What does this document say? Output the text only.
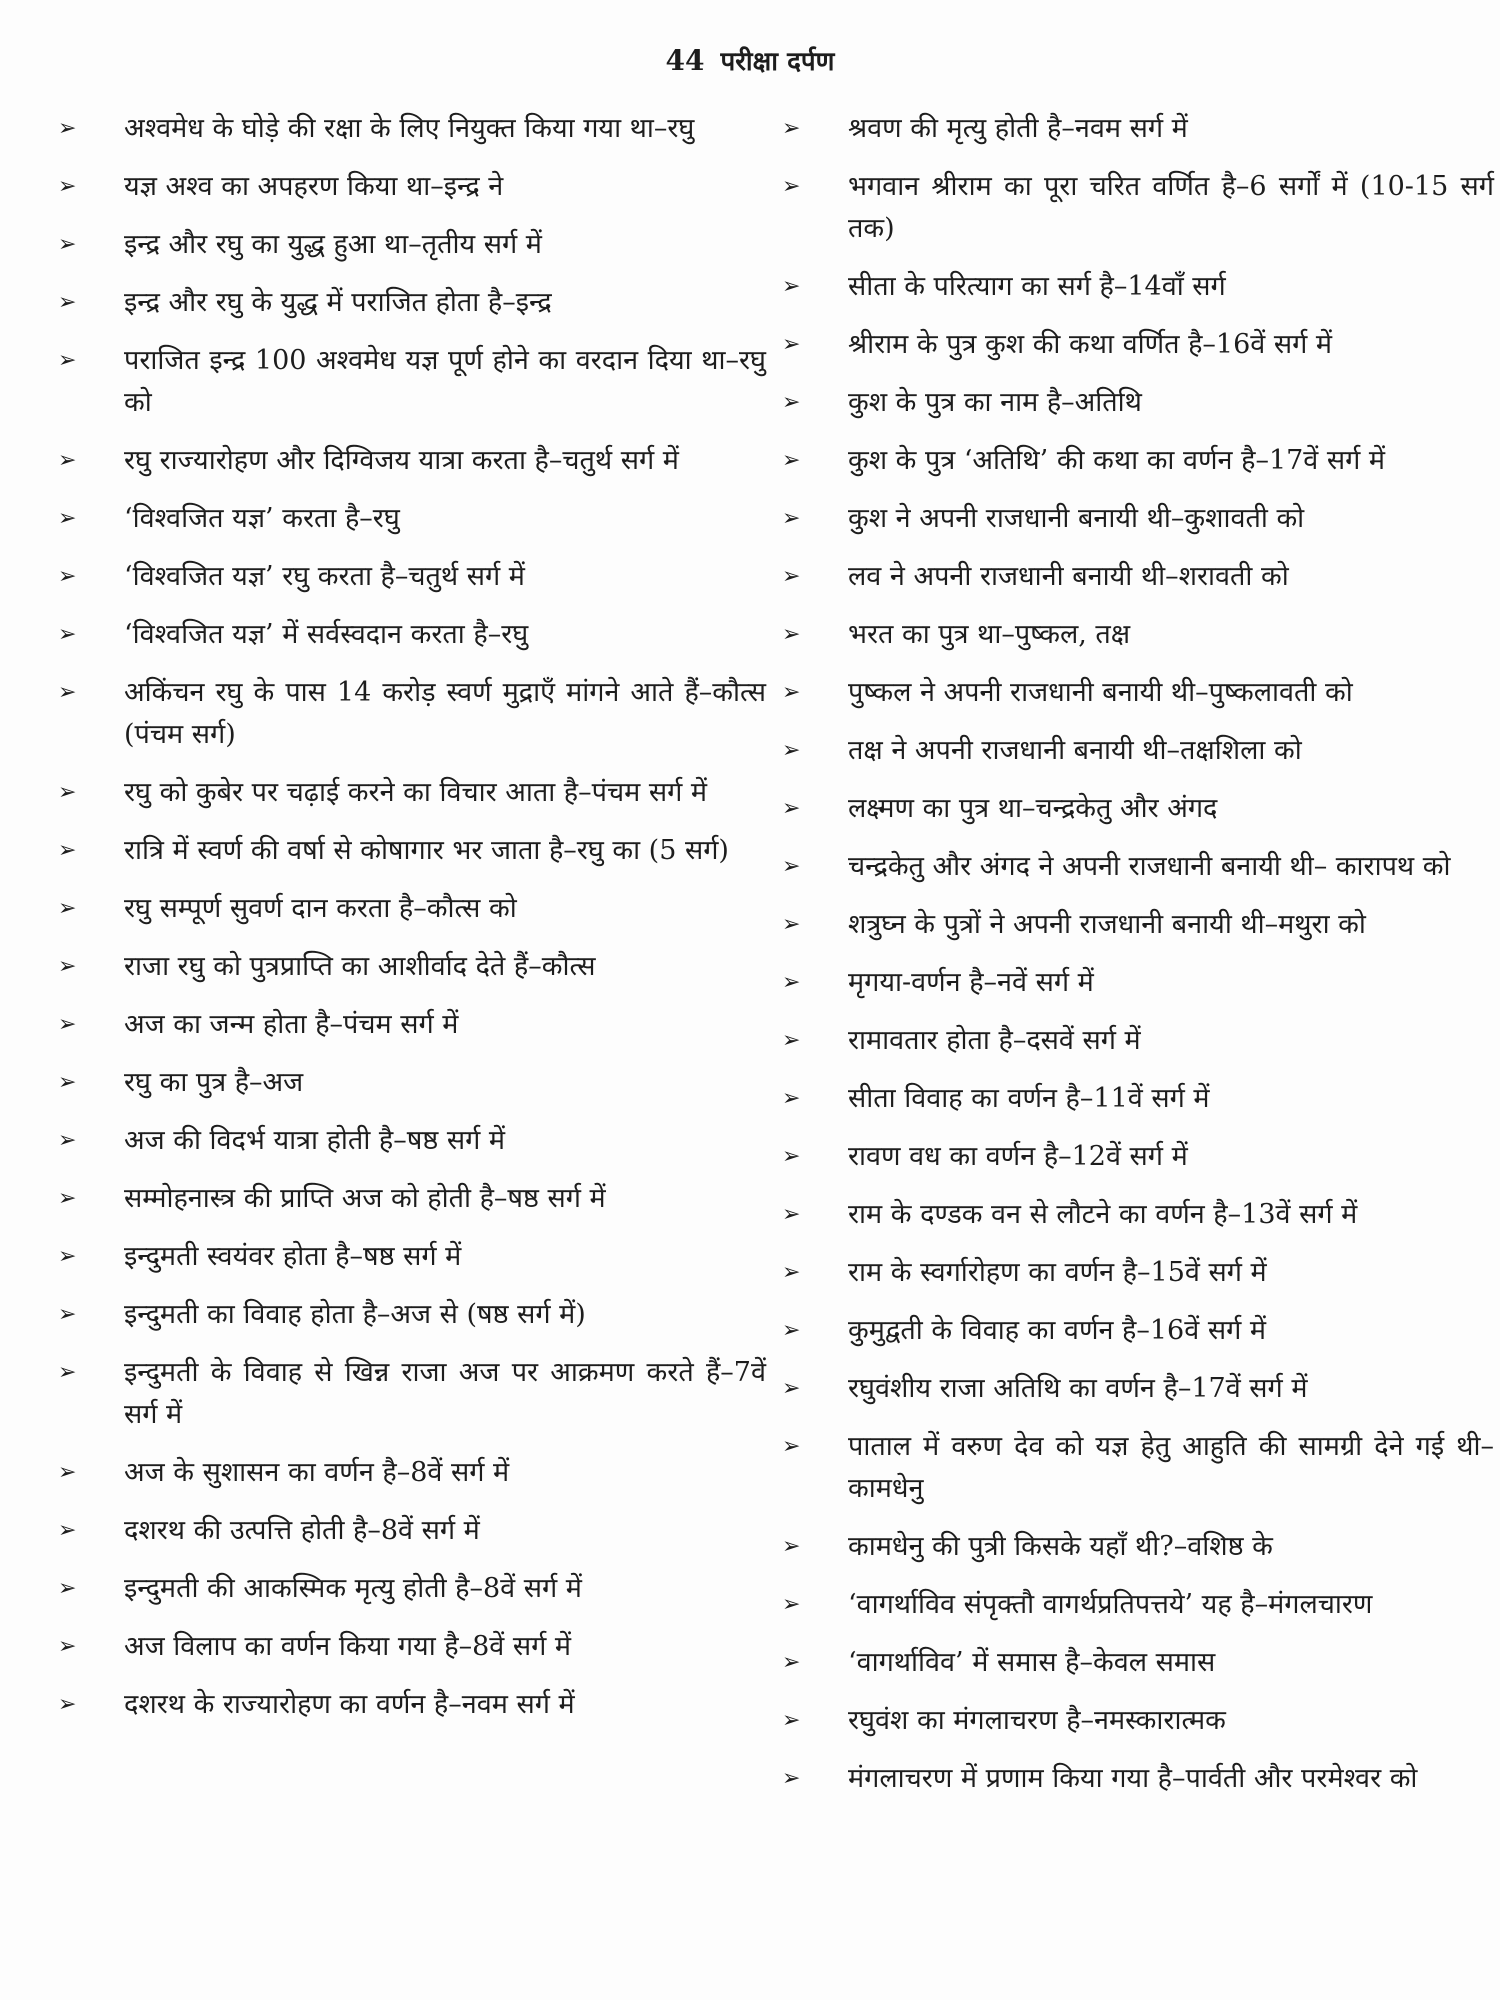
44 परीक्षा दर्पण
➢ अश्वमेध के घोड़े की रक्षा के लिए नियुक्त किया गया था–रघु
➢ यज्ञ अश्व का अपहरण किया था–इन्द्र ने
➢ इन्द्र और रघु का युद्ध हुआ था–तृतीय सर्ग में
➢ इन्द्र और रघु के युद्ध में पराजित होता है–इन्द्र
➢ पराजित इन्द्र 100 अश्वमेध यज्ञ पूर्ण होने का वरदान दिया था–रघु को
➢ रघु राज्यारोहण और दिग्विजय यात्रा करता है–चतुर्थ सर्ग में
➢ ‘विश्वजित यज्ञ’ करता है–रघु
➢ ‘विश्वजित यज्ञ’ रघु करता है–चतुर्थ सर्ग में
➢ ‘विश्वजित यज्ञ’ में सर्वस्वदान करता है–रघु
➢ अकिंचन रघु के पास 14 करोड़ स्वर्ण मुद्राएँ मांगने आते हैं–कौत्स (पंचम सर्ग)
➢ रघु को कुबेर पर चढ़ाई करने का विचार आता है–पंचम सर्ग में
➢ रात्रि में स्वर्ण की वर्षा से कोषागार भर जाता है–रघु का (5 सर्ग)
➢ रघु सम्पूर्ण सुवर्ण दान करता है–कौत्स को
➢ राजा रघु को पुत्रप्राप्ति का आशीर्वाद देते हैं–कौत्स
➢ अज का जन्म होता है–पंचम सर्ग में
➢ रघु का पुत्र है–अज
➢ अज की विदर्भ यात्रा होती है–षष्ठ सर्ग में
➢ सम्मोहनास्त्र की प्राप्ति अज को होती है–षष्ठ सर्ग में
➢ इन्दुमती स्वयंवर होता है–षष्ठ सर्ग में
➢ इन्दुमती का विवाह होता है–अज से (षष्ठ सर्ग में)
➢ इन्दुमती के विवाह से खिन्न राजा अज पर आक्रमण करते हैं–7वें सर्ग में
➢ अज के सुशासन का वर्णन है–8वें सर्ग में
➢ दशरथ की उत्पत्ति होती है–8वें सर्ग में
➢ इन्दुमती की आकस्मिक मृत्यु होती है–8वें सर्ग में
➢ अज विलाप का वर्णन किया गया है–8वें सर्ग में
➢ दशरथ के राज्यारोहण का वर्णन है–नवम सर्ग में
➢ श्रवण की मृत्यु होती है–नवम सर्ग में
➢ भगवान श्रीराम का पूरा चरित वर्णित है–6 सर्गों में (10-15 सर्ग तक)
➢ सीता के परित्याग का सर्ग है–14वाँ सर्ग
➢ श्रीराम के पुत्र कुश की कथा वर्णित है–16वें सर्ग में
➢ कुश के पुत्र का नाम है–अतिथि
➢ कुश के पुत्र ‘अतिथि’ की कथा का वर्णन है–17वें सर्ग में
➢ कुश ने अपनी राजधानी बनायी थी–कुशावती को
➢ लव ने अपनी राजधानी बनायी थी–शरावती को
➢ भरत का पुत्र था–पुष्कल, तक्ष
➢ पुष्कल ने अपनी राजधानी बनायी थी–पुष्कलावती को
➢ तक्ष ने अपनी राजधानी बनायी थी–तक्षशिला को
➢ लक्ष्मण का पुत्र था–चन्द्रकेतु और अंगद
➢ चन्द्रकेतु और अंगद ने अपनी राजधानी बनायी थी– कारापथ को
➢ शत्रुघ्न के पुत्रों ने अपनी राजधानी बनायी थी–मथुरा को
➢ मृगया-वर्णन है–नवें सर्ग में
➢ रामावतार होता है–दसवें सर्ग में
➢ सीता विवाह का वर्णन है–11वें सर्ग में
➢ रावण वध का वर्णन है–12वें सर्ग में
➢ राम के दण्डक वन से लौटने का वर्णन है–13वें सर्ग में
➢ राम के स्वर्गारोहण का वर्णन है–15वें सर्ग में
➢ कुमुद्वती के विवाह का वर्णन है–16वें सर्ग में
➢ रघुवंशीय राजा अतिथि का वर्णन है–17वें सर्ग में
➢ पाताल में वरुण देव को यज्ञ हेतु आहुति की सामग्री देने गई थी–कामधेनु
➢ कामधेनु की पुत्री किसके यहाँ थी?–वशिष्ठ के
➢ ‘वागर्थाविव संपृक्तौ वागर्थप्रतिपत्तये’ यह है–मंगलचारण
➢ ‘वागर्थाविव’ में समास है–केवल समास
➢ रघुवंश का मंगलाचरण है–नमस्कारात्मक
➢ मंगलाचरण में प्रणाम किया गया है–पार्वती और परमेश्वर को
